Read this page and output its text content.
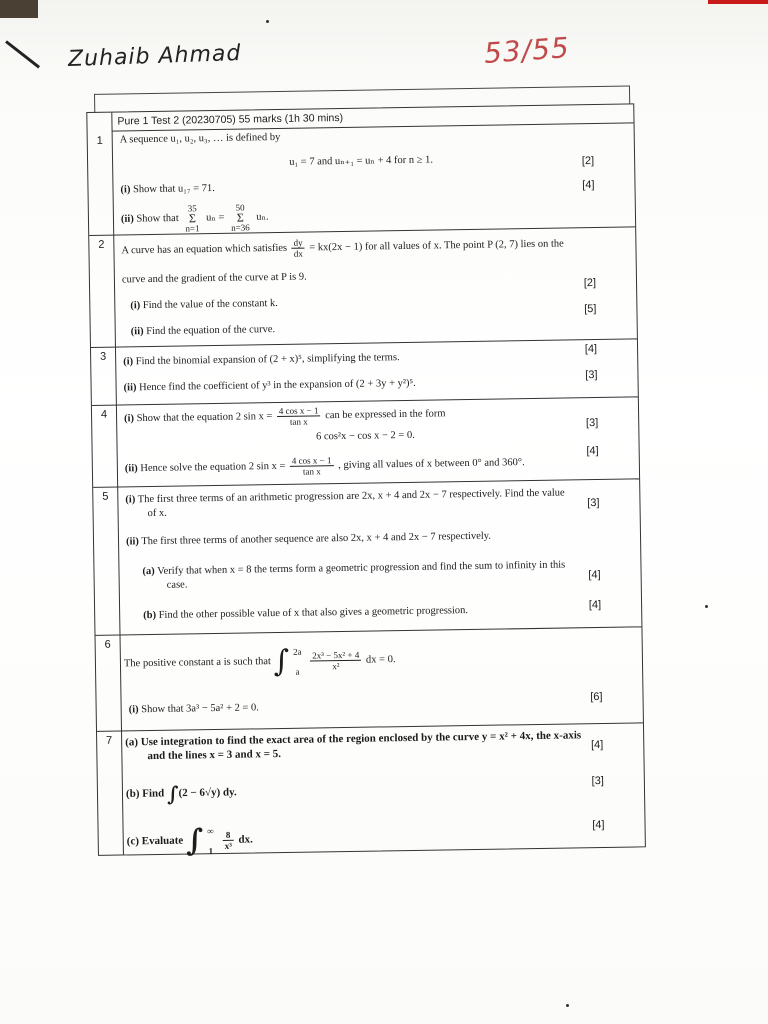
Zuhaib Ahmad	53/55
Pure 1 Test 2 (20230705) 55 marks (1h 30 mins)
1	A sequence u₁, u₂, u₃, … is defined by
u₁ = 7 and uₙ₊₁ = uₙ + 4 for n ≥ 1.
(i) Show that u₁₇ = 71.
[2]
(ii) Show that
35
Σ
n=1
uₙ =
50
Σ
n=36
uₙ.
[4]
2	A curve has an equation which satisfies $\frac{dy}{dx} = kx(2x - 1)$ for all values of x. The point P (2, 7) lies on the
curve and the gradient of the curve at P is 9.
(i) Find the value of the constant k.
[2]
(ii) Find the equation of the curve.
[5]
3	(i) Find the binomial expansion of (2 + x)⁵, simplifying the terms.
[4]
(ii) Hence find the coefficient of y³ in the expansion of (2 + 3y + y²)⁵.
[3]
4	(i) Show that the equation 2 $\sin x = \frac{\text{4 cos x − 1}}{\text{tan x}}$ can be expressed in the form
6 cos²x − cos x − 2 = 0.
[3]
(ii) Hence solve the equation 2 $\sin x = \frac{\text{4 cos x − 1}}{\text{tan x}}$ , giving all values of x between 0° and 360°.
[4]
5	(i) The first three terms of an arithmetic progression are 2x, x + 4 and 2x − 7 respectively. Find the value
of x.
[3]
(ii) The first three terms of another sequence are also 2x, x + 4 and 2x − 7 respectively.
(a) Verify that when x = 8 the terms form a geometric progression and find the sum to infinity in this
case.
[4]
(b) Find the other possible value of x that also gives a geometric progression.	[4]
6
The positive constant a is such that ∫ 2a

a
	$\frac{\text{2x³ − 5x² + 4}}{\text{x²}}$ dx = 0.
(i) Show that 3a³ − 5a² + 2 = 0.
[6]
7	(a) Use integration to find the exact area of the region enclosed by the curve y = x² + 4x, the x-axis
and the lines x = 3 and x = 5.
[4]
(b) Find ∫(2 − 6√y) dy.
[3]
(c) Evaluate ∫ ∞

1
	$\frac{8}{\text{x³}}$ dx.
[4]
